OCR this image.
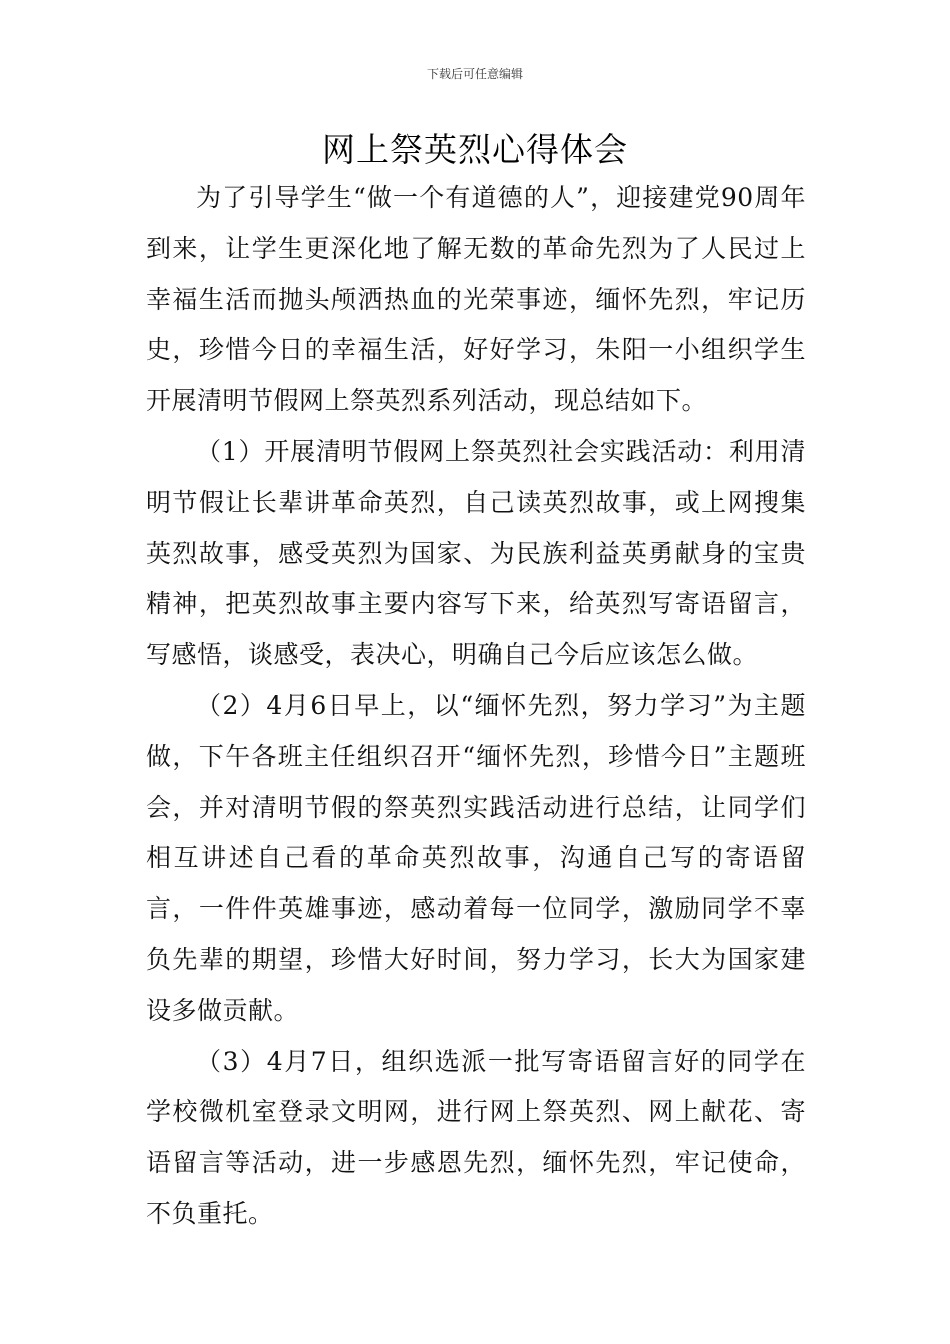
下载后可任意编辑
网上祭英烈心得体会

为了引导学生“做一个有道德的人”，迎接建党90周年到来，让学生更深化地了解无数的革命先烈为了人民过上幸福生活而抛头颅洒热血的光荣事迹，缅怀先烈，牢记历史，珍惜今日的幸福生活，好好学习，朱阳一小组织学生开展清明节假网上祭英烈系列活动，现总结如下。

（1）开展清明节假网上祭英烈社会实践活动：利用清明节假让长辈讲革命英烈，自己读英烈故事，或上网搜集英烈故事，感受英烈为国家、为民族利益英勇献身的宝贵精神，把英烈故事主要内容写下来，给英烈写寄语留言，写感悟，谈感受，表决心，明确自己今后应该怎么做。

（2）4月6日早上，以“缅怀先烈，努力学习”为主题做，下午各班主任组织召开“缅怀先烈，珍惜今日”主题班会，并对清明节假的祭英烈实践活动进行总结，让同学们相互讲述自己看的革命英烈故事，沟通自己写的寄语留言，一件件英雄事迹，感动着每一位同学，激励同学不辜负先辈的期望，珍惜大好时间，努力学习，长大为国家建设多做贡献。

（3）4月7日，组织选派一批写寄语留言好的同学在学校微机室登录文明网，进行网上祭英烈、网上献花、寄语留言等活动，进一步感恩先烈，缅怀先烈，牢记使命，不负重托。
